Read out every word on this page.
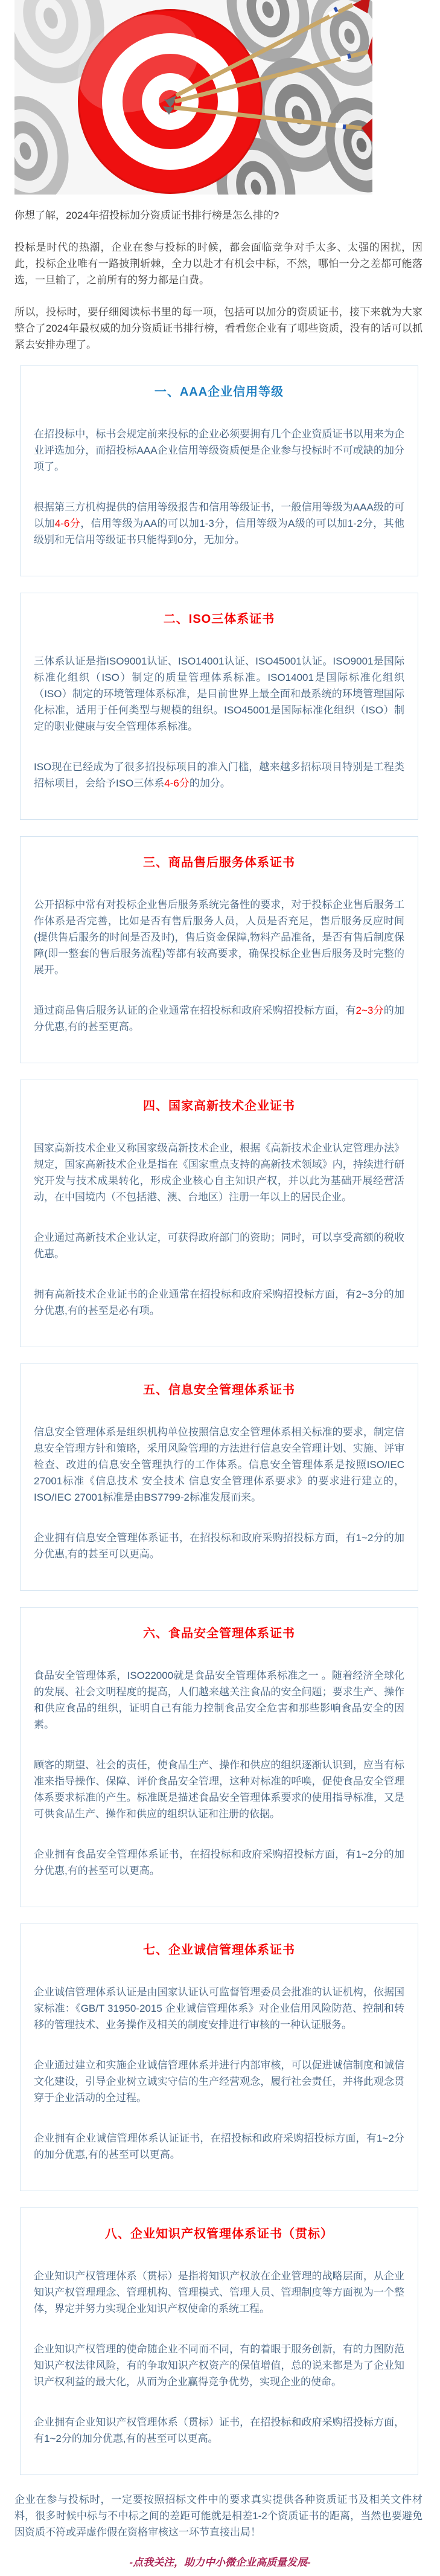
你想了解，2024年招投标加分资质证书排行榜是怎么排的?

投标是时代的热潮，企业在参与投标的时候，都会面临竞争对手太多、太强的困扰，因此，投标企业唯有一路披荆斩棘，全力以赴才有机会中标，不然，哪怕一分之差都可能落选，一旦输了，之前所有的努力都是白费。

所以，投标时，要仔细阅读标书里的每一项，包括可以加分的资质证书，接下来就为大家整合了2024年最权威的加分资质证书排行榜，看看您企业有了哪些资质，没有的话可以抓紧去安排办理了。

一、AAA企业信用等级

在招投标中，标书会规定前来投标的企业必须要拥有几个企业资质证书以用来为企业评选加分，而招投标AAA企业信用等级资质便是企业参与投标时不可或缺的加分项了。

根据第三方机构提供的信用等级报告和信用等级证书，一般信用等级为AAA级的可以加4-6分，信用等级为AA的可以加1-3分，信用等级为A级的可以加1-2分，其他级别和无信用等级证书只能得到0分，无加分。

二、ISO三体系证书

三体系认证是指ISO9001认证、ISO14001认证、ISO45001认证。ISO9001是国际标准化组织（ISO）制定的质量管理体系标准。ISO14001是国际标准化组织（ISO）制定的环境管理体系标准，是目前世界上最全面和最系统的环境管理国际化标准，适用于任何类型与规模的组织。ISO45001是国际标准化组织（ISO）制定的职业健康与安全管理体系标准。

ISO现在已经成为了很多招投标项目的准入门槛，越来越多招标项目特别是工程类招标项目，会给予ISO三体系4-6分的加分。

三、商品售后服务体系证书

公开招标中常有对投标企业售后服务系统完备性的要求，对于投标企业售后服务工作体系是否完善，比如是否有售后服务人员，人员是否充足，售后服务反应时间(提供售后服务的时间是否及时)，售后资金保障,物料产品准备，是否有售后制度保障(即一整套的售后服务流程)等都有较高要求，确保投标企业售后服务及时完整的展开。

通过商品售后服务认证的企业通常在招投标和政府采购招投标方面，有2~3分的加分优惠,有的甚至更高。

四、国家高新技术企业证书

国家高新技术企业又称国家级高新技术企业，根据《高新技术企业认定管理办法》规定，国家高新技术企业是指在《国家重点支持的高新技术领域》内，持续进行研究开发与技术成果转化，形成企业核心自主知识产权，并以此为基础开展经营活动，在中国境内（不包括港、澳、台地区）注册一年以上的居民企业。

企业通过高新技术企业认定，可获得政府部门的资助；同时，可以享受高额的税收优惠。

拥有高新技术企业证书的企业通常在招投标和政府采购招投标方面，有2~3分的加分优惠,有的甚至是必有项。

五、信息安全管理体系证书

信息安全管理体系是组织机构单位按照信息安全管理体系相关标准的要求，制定信息安全管理方针和策略，采用风险管理的方法进行信息安全管理计划、实施、评审检查、改进的信息安全管理执行的工作体系。信息安全管理体系是按照ISO/IEC 27001标准《信息技术 安全技术 信息安全管理体系要求》的要求进行建立的，ISO/IEC 27001标准是由BS7799-2标准发展而来。

企业拥有信息安全管理体系证书，在招投标和政府采购招投标方面，有1~2分的加分优惠,有的甚至可以更高。

六、食品安全管理体系证书

食品安全管理体系，ISO22000就是食品安全管理体系标准之一 。随着经济全球化的发展、社会文明程度的提高，人们越来越关注食品的安全问题；要求生产、操作和供应食品的组织，证明自己有能力控制食品安全危害和那些影响食品安全的因素。

顾客的期望、社会的责任，使食品生产、操作和供应的组织逐渐认识到，应当有标准来指导操作、保障、评价食品安全管理，这种对标准的呼唤，促使食品安全管理体系要求标准的产生。标准既是描述食品安全管理体系要求的使用指导标准，又是可供食品生产、操作和供应的组织认证和注册的依据。

企业拥有食品安全管理体系证书，在招投标和政府采购招投标方面，有1~2分的加分优惠,有的甚至可以更高。

七、企业诚信管理体系证书

企业诚信管理体系认证是由国家认证认可监督管理委员会批准的认证机构，依据国家标准：《GB/T 31950-2015 企业诚信管理体系》对企业信用风险防范、控制和转移的管理技术、业务操作及相关的制度安排进行审核的一种认证服务。

企业通过建立和实施企业诚信管理体系并进行内部审核，可以促进诚信制度和诚信文化建设，引导企业树立诚实守信的生产经营观念，履行社会责任，并将此观念贯穿于企业活动的全过程。

企业拥有企业诚信管理体系认证证书，在招投标和政府采购招投标方面，有1~2分的加分优惠,有的甚至可以更高。

八、企业知识产权管理体系证书（贯标）

企业知识产权管理体系（贯标）是指将知识产权放在企业管理的战略层面，从企业知识产权管理理念、管理机构、管理模式、管理人员、管理制度等方面视为一个整体，界定并努力实现企业知识产权使命的系统工程。

企业知识产权管理的使命随企业不同而不同，有的着眼于服务创新，有的力图防范知识产权法律风险，有的争取知识产权资产的保值增值，总的说来都是为了企业知识产权利益的最大化，从而为企业赢得竞争优势，实现企业的使命。

企业拥有企业知识产权管理体系（贯标）证书，在招投标和政府采购招投标方面，有1~2分的加分优惠,有的甚至可以更高。

企业在参与投标时，一定要按照招标文件中的要求真实提供各种资质证书及相关文件材料，很多时候中标与不中标之间的差距可能就是相差1-2个资质证书的距离，当然也要避免因资质不符或弄虚作假在资格审核这一环节直接出局！

-点我关注，助力中小微企业高质量发展-
